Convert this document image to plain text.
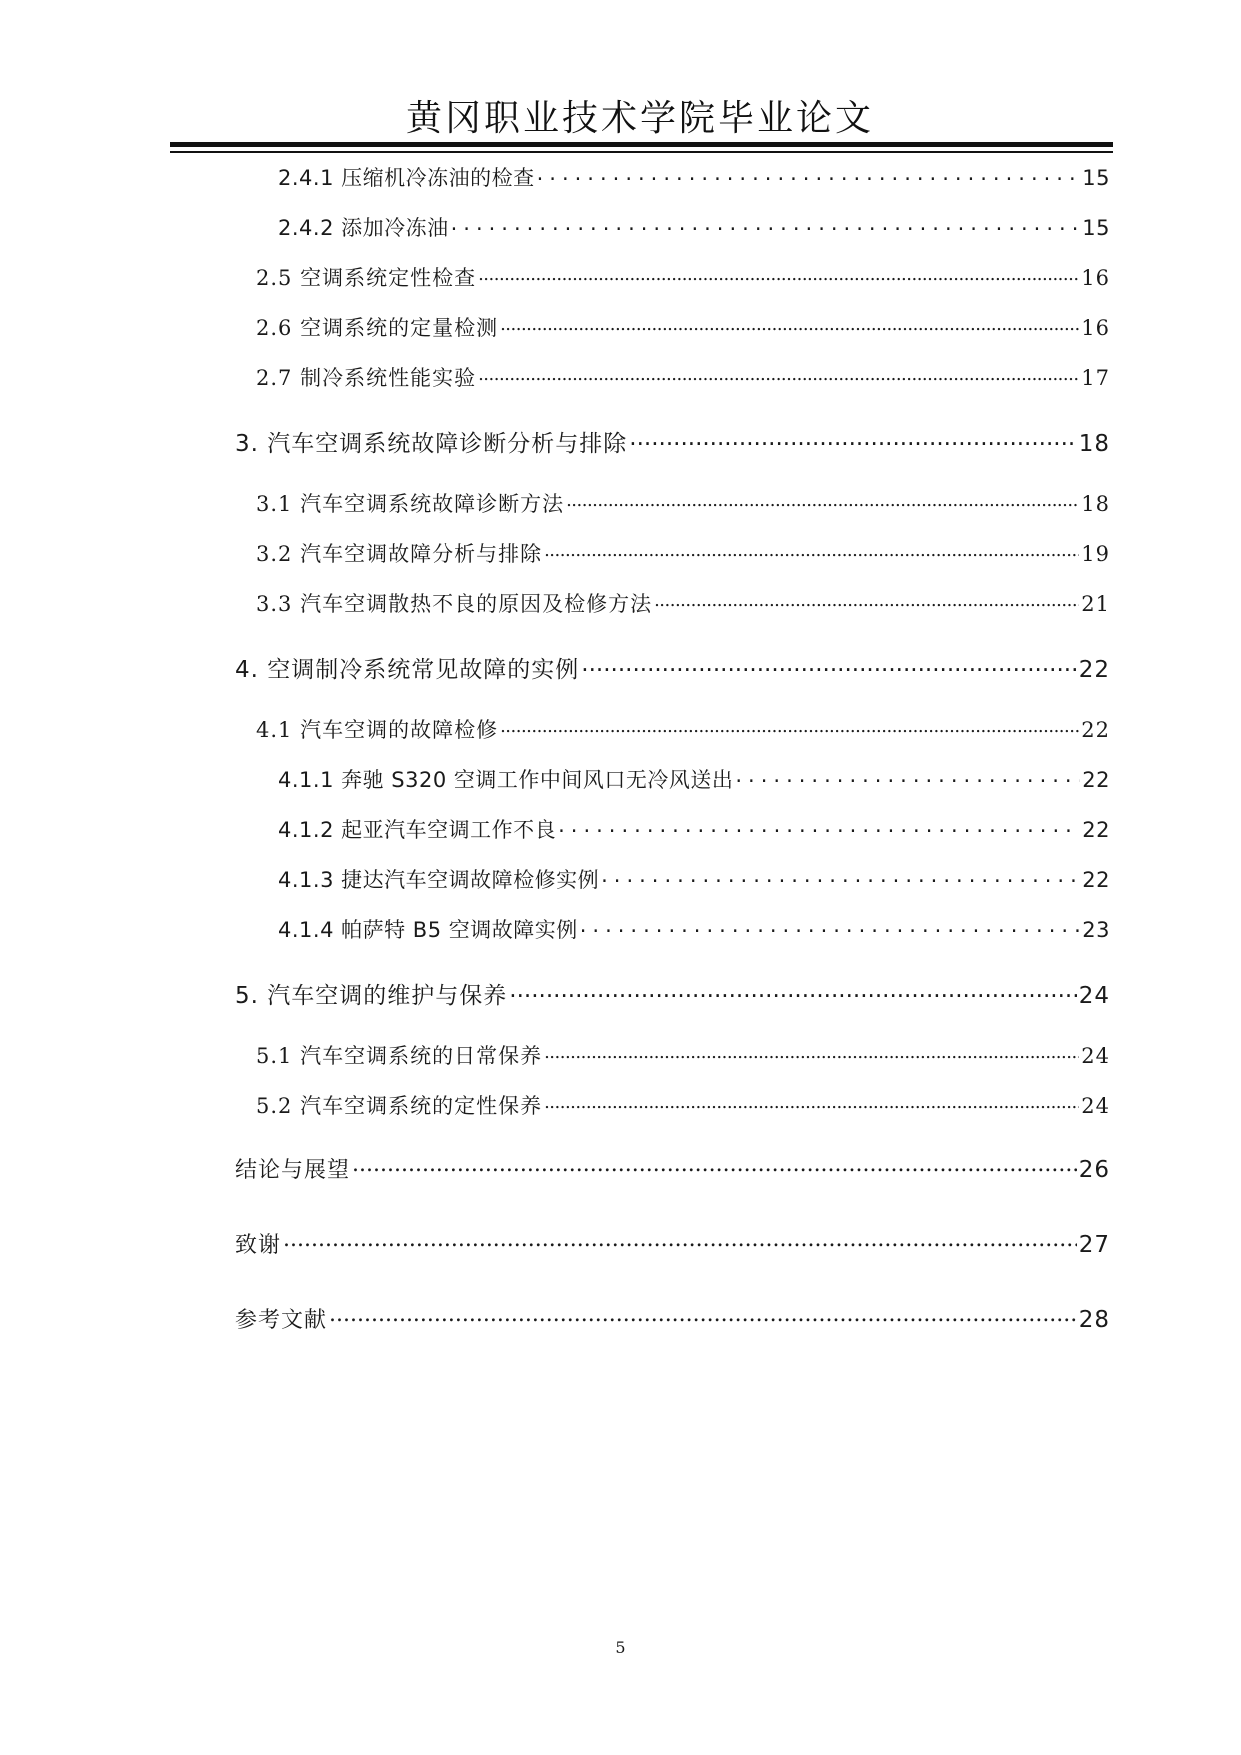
黄冈职业技术学院毕业论文
2.4.1 压缩机冷冻油的检查 .....	15
2.4.2 添加冷冻油 .....	15
2.5 空调系统定性检查 .....	16
2.6 空调系统的定量检测 .....	16
2.7 制冷系统性能实验 .....	17
3. 汽车空调系统故障诊断分析与排除 .....	18
3.1 汽车空调系统故障诊断方法 .....	18
3.2 汽车空调故障分析与排除 .....	19
3.3 汽车空调散热不良的原因及检修方法 .....	21
4. 空调制冷系统常见故障的实例 .....	22
4.1 汽车空调的故障检修 .....	22
4.1.1 奔驰 S320 空调工作中间风口无冷风送出 .....	22
4.1.2 起亚汽车空调工作不良 .....	22
4.1.3 捷达汽车空调故障检修实例 .....	22
4.1.4 帕萨特 B5 空调故障实例 .....	23
5. 汽车空调的维护与保养 .....	24
5.1 汽车空调系统的日常保养 .....	24
5.2 汽车空调系统的定性保养 .....	24
结论与展望 .....	26
致谢 .....	27
参考文献 .....	28
5
